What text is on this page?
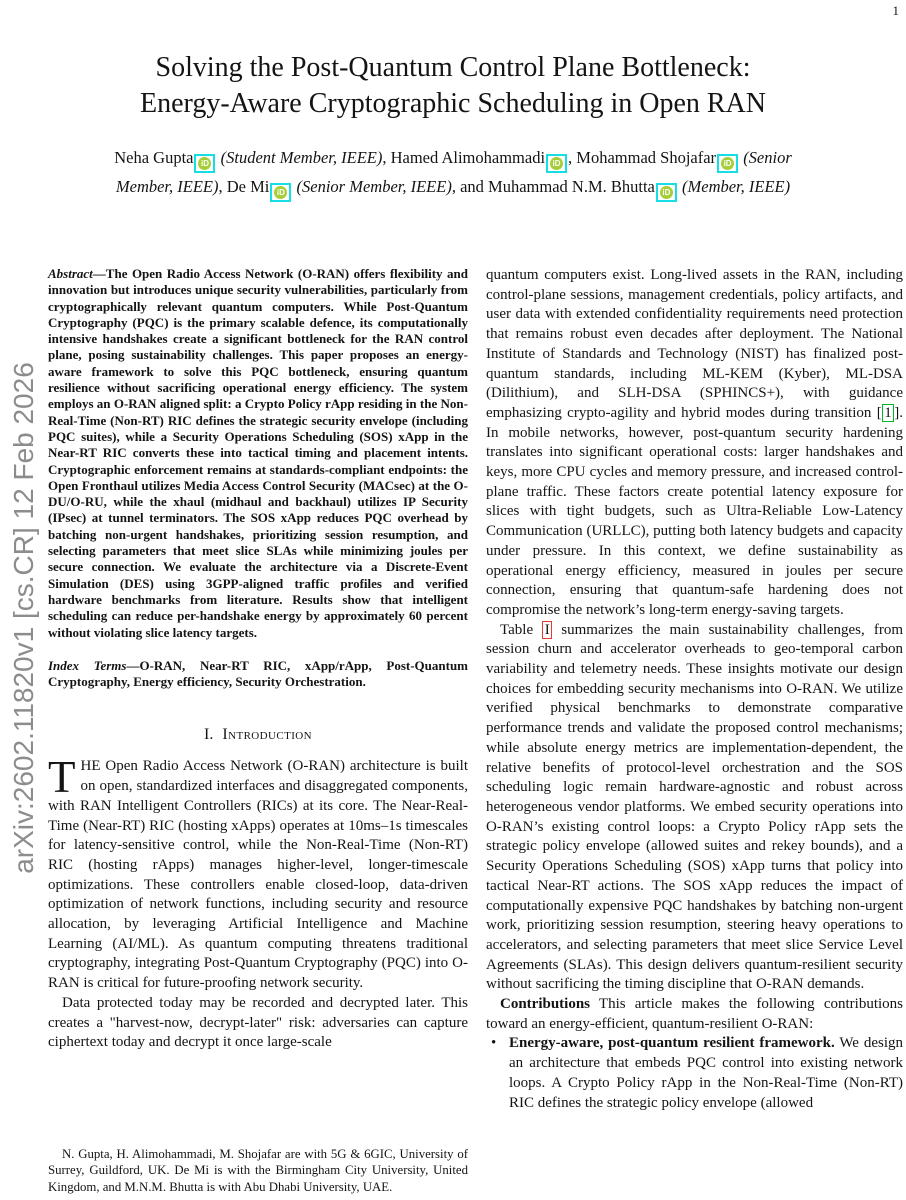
1
arXiv:2602.11820v1 [cs.CR] 12 Feb 2026
Solving the Post-Quantum Control Plane Bottleneck:
Energy-Aware Cryptographic Scheduling in Open RAN
Neha Gupta iD (Student Member, IEEE), Hamed Alimohammadi iD , Mohammad Shojafar iD (Senior Member, IEEE), De Mi iD (Senior Member, IEEE), and Muhammad N.M. Bhutta iD (Member, IEEE)

Abstract—The Open Radio Access Network (O-RAN) offers flexibility and innovation but introduces unique security vulnerabilities, particularly from cryptographically relevant quantum computers. While Post-Quantum Cryptography (PQC) is the primary scalable defence, its computationally intensive handshakes create a significant bottleneck for the RAN control plane, posing sustainability challenges. This paper proposes an energy-aware framework to solve this PQC bottleneck, ensuring quantum resilience without sacrificing operational energy efficiency. The system employs an O-RAN aligned split: a Crypto Policy rApp residing in the Non-Real-Time (Non-RT) RIC defines the strategic security envelope (including PQC suites), while a Security Operations Scheduling (SOS) xApp in the Near-RT RIC converts these into tactical timing and placement intents. Cryptographic enforcement remains at standards-compliant endpoints: the Open Fronthaul utilizes Media Access Control Security (MACsec) at the O-DU/O-RU, while the xhaul (midhaul and backhaul) utilizes IP Security (IPsec) at tunnel terminators. The SOS xApp reduces PQC overhead by batching non-urgent handshakes, prioritizing session resumption, and selecting parameters that meet slice SLAs while minimizing joules per secure connection. We evaluate the architecture via a Discrete-Event Simulation (DES) using 3GPP-aligned traffic profiles and verified hardware benchmarks from literature. Results show that intelligent scheduling can reduce per-handshake energy by approximately 60 percent without violating slice latency targets.

Index Terms—O-RAN, Near-RT RIC, xApp/rApp, Post-Quantum Cryptography, Energy efficiency, Security Orchestration.

I. Introduction

THE Open Radio Access Network (O-RAN) architecture is built on open, standardized interfaces and disaggregated components, with RAN Intelligent Controllers (RICs) at its core. The Near-Real-Time (Near-RT) RIC (hosting xApps) operates at 10ms–1s timescales for latency-sensitive control, while the Non-Real-Time (Non-RT) RIC (hosting rApps) manages higher-level, longer-timescale optimizations. These controllers enable closed-loop, data-driven optimization of network functions, including security and resource allocation, by leveraging Artificial Intelligence and Machine Learning (AI/ML). As quantum computing threatens traditional cryptography, integrating Post-Quantum Cryptography (PQC) into O-RAN is critical for future-proofing network security.

Data protected today may be recorded and decrypted later. This creates a "harvest-now, decrypt-later" risk: adversaries can capture ciphertext today and decrypt it once large-scale

quantum computers exist. Long-lived assets in the RAN, including control-plane sessions, management credentials, policy artifacts, and user data with extended confidentiality requirements need protection that remains robust even decades after deployment. The National Institute of Standards and Technology (NIST) has finalized post-quantum standards, including ML-KEM (Kyber), ML-DSA (Dilithium), and SLH-DSA (SPHINCS+), with guidance emphasizing crypto-agility and hybrid modes during transition [ 1 ]. In mobile networks, however, post-quantum security hardening translates into significant operational costs: larger handshakes and keys, more CPU cycles and memory pressure, and increased control-plane traffic. These factors create potential latency exposure for slices with tight budgets, such as Ultra-Reliable Low-Latency Communication (URLLC), putting both latency budgets and capacity under pressure. In this context, we define sustainability as operational energy efficiency, measured in joules per secure connection, ensuring that quantum-safe hardening does not compromise the network’s long-term energy-saving targets.

Table I summarizes the main sustainability challenges, from session churn and accelerator overheads to geo-temporal carbon variability and telemetry needs. These insights motivate our design choices for embedding security mechanisms into O-RAN. We utilize verified physical benchmarks to demonstrate comparative performance trends and validate the proposed control mechanisms; while absolute energy metrics are implementation-dependent, the relative benefits of protocol-level orchestration and the SOS scheduling logic remain hardware-agnostic and robust across heterogeneous vendor platforms. We embed security operations into O-RAN’s existing control loops: a Crypto Policy rApp sets the strategic policy envelope (allowed suites and rekey bounds), and a Security Operations Scheduling (SOS) xApp turns that policy into tactical Near-RT actions. The SOS xApp reduces the impact of computationally expensive PQC handshakes by batching non-urgent work, prioritizing session resumption, steering heavy operations to accelerators, and selecting parameters that meet slice Service Level Agreements (SLAs). This design delivers quantum-resilient security without sacrificing the timing discipline that O-RAN demands.

Contributions This article makes the following contributions toward an energy-efficient, quantum-resilient O-RAN:

• Energy-aware, post-quantum resilient framework. We design an architecture that embeds PQC control into existing network loops. A Crypto Policy rApp in the Non-Real-Time (Non-RT) RIC defines the strategic policy envelope (allowed
N. Gupta, H. Alimohammadi, M. Shojafar are with 5G & 6GIC, University of Surrey, Guildford, UK. De Mi is with the Birmingham City University, United Kingdom, and M.N.M. Bhutta is with Abu Dhabi University, UAE.
